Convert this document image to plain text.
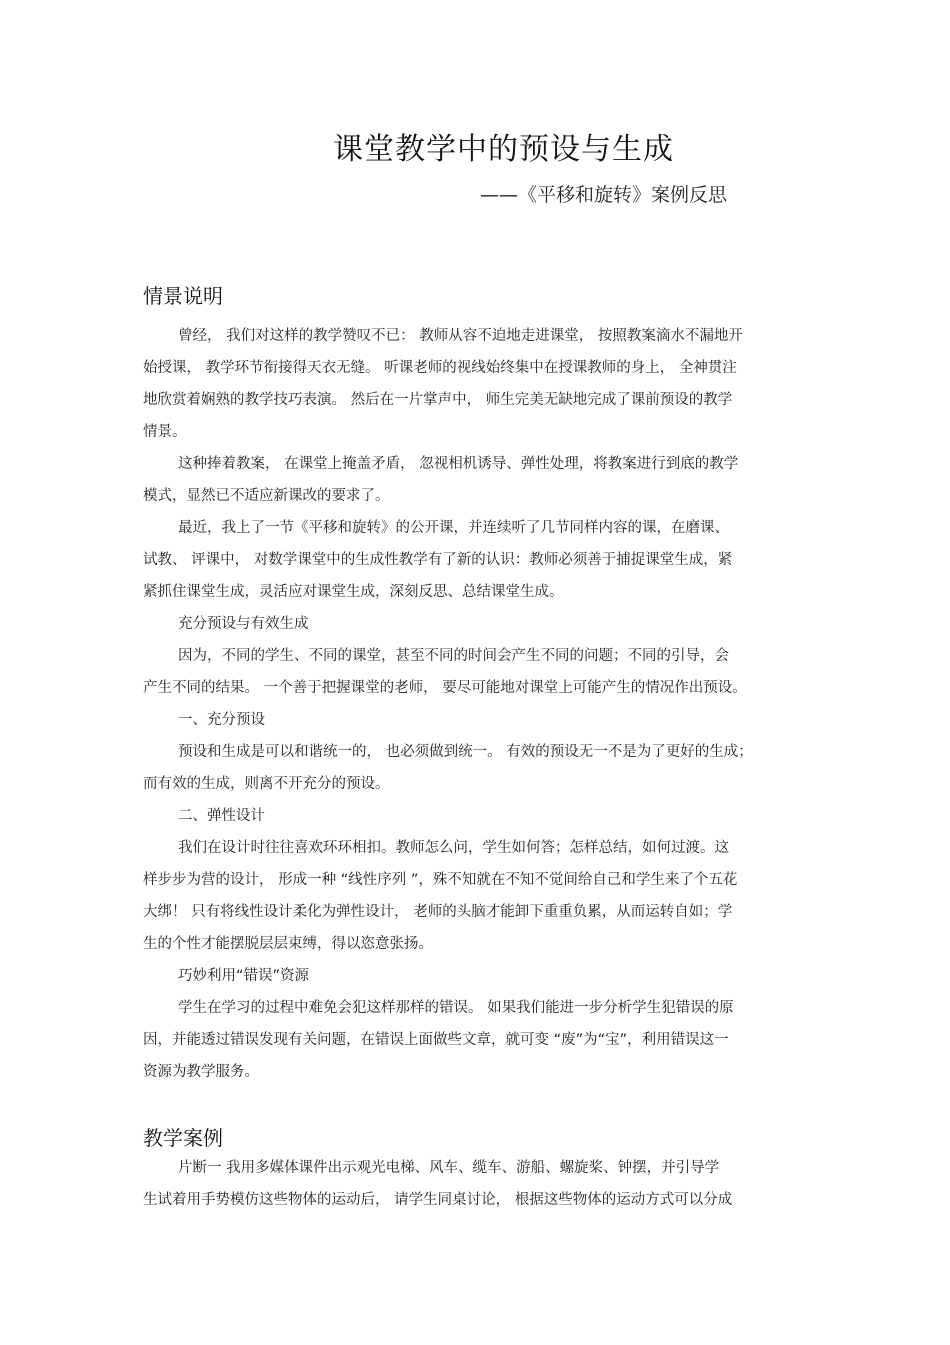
课堂教学中的预设与生成
——《平移和旋转》案例反思
情景说明
曾经， 我们对这样的教学赞叹不已： 教师从容不迫地走进课堂， 按照教案滴水不漏地开
始授课， 教学环节衔接得天衣无缝。 听课老师的视线始终集中在授课教师的身上， 全神贯注
地欣赏着娴熟的教学技巧表演。 然后在一片掌声中， 师生完美无缺地完成了课前预设的教学
情景。
这种捧着教案， 在课堂上掩盖矛盾， 忽视相机诱导、弹性处理，将教案进行到底的教学
模式，显然已不适应新课改的要求了。
最近，我上了一节《平移和旋转》的公开课，并连续听了几节同样内容的课，在磨课、
试教、 评课中， 对数学课堂中的生成性教学有了新的认识：教师必须善于捕捉课堂生成，紧
紧抓住课堂生成，灵活应对课堂生成，深刻反思、总结课堂生成。
充分预设与有效生成
因为，不同的学生、不同的课堂，甚至不同的时间会产生不同的问题；不同的引导，会
产生不同的结果。 一个善于把握课堂的老师， 要尽可能地对课堂上可能产生的情况作出预设。
一、充分预设
预设和生成是可以和谐统一的， 也必须做到统一。 有效的预设无一不是为了更好的生成；
而有效的生成，则离不开充分的预设。
二、弹性设计
我们在设计时往往喜欢环环相扣。教师怎么问，学生如何答；怎样总结，如何过渡。这
样步步为营的设计， 形成一种 “线性序列 ”，殊不知就在不知不觉间给自己和学生来了个五花
大绑！ 只有将线性设计柔化为弹性设计， 老师的头脑才能卸下重重负累，从而运转自如；学
生的个性才能摆脱层层束缚，得以恣意张扬。
巧妙利用“错误”资源
学生在学习的过程中难免会犯这样那样的错误。 如果我们能进一步分析学生犯错误的原
因，并能透过错误发现有关问题，在错误上面做些文章，就可变 “废”为“宝”，利用错误这一
资源为教学服务。
教学案例
片断一 我用多媒体课件出示观光电梯、风车、缆车、游船、螺旋桨、钟摆，并引导学
生试着用手势模仿这些物体的运动后， 请学生同桌讨论， 根据这些物体的运动方式可以分成
